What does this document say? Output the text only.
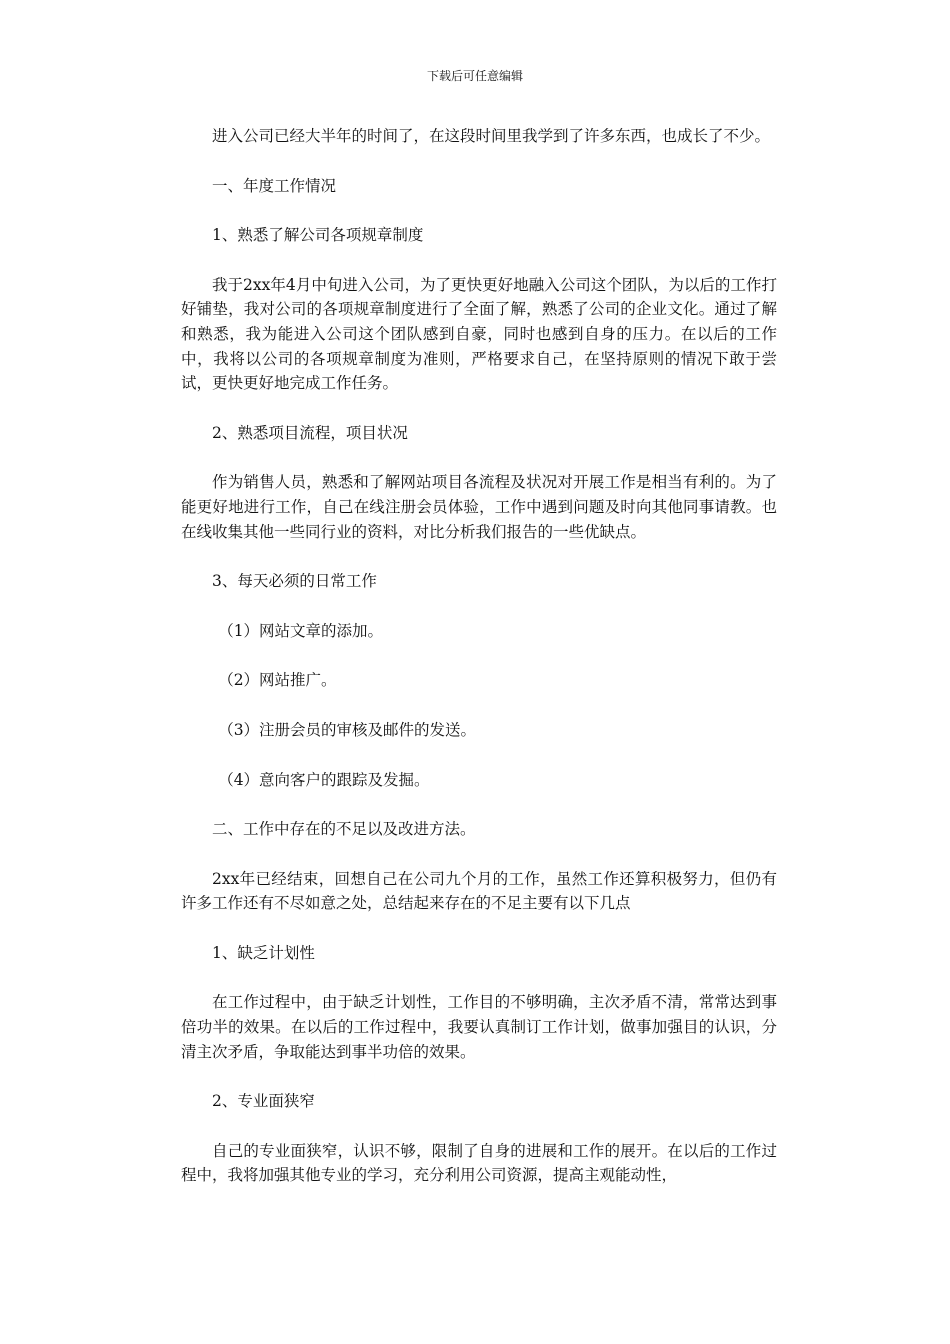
下载后可任意编辑

进入公司已经大半年的时间了，在这段时间里我学到了许多东西，也成长了不少。

一、年度工作情况

1、熟悉了解公司各项规章制度

我于2xx年4月中旬进入公司，为了更快更好地融入公司这个团队，为以后的工作打好铺垫，我对公司的各项规章制度进行了全面了解，熟悉了公司的企业文化。通过了解和熟悉，我为能进入公司这个团队感到自豪，同时也感到自身的压力。在以后的工作中，我将以公司的各项规章制度为准则，严格要求自己，在坚持原则的情况下敢于尝试，更快更好地完成工作任务。

2、熟悉项目流程，项目状况

作为销售人员，熟悉和了解网站项目各流程及状况对开展工作是相当有利的。为了能更好地进行工作，自己在线注册会员体验，工作中遇到问题及时向其他同事请教。也在线收集其他一些同行业的资料，对比分析我们报告的一些优缺点。

3、每天必须的日常工作

（1）网站文章的添加。

（2）网站推广。

（3）注册会员的审核及邮件的发送。

（4）意向客户的跟踪及发掘。

二、工作中存在的不足以及改进方法。

2xx年已经结束，回想自己在公司九个月的工作，虽然工作还算积极努力，但仍有许多工作还有不尽如意之处，总结起来存在的不足主要有以下几点

1、缺乏计划性

在工作过程中，由于缺乏计划性，工作目的不够明确，主次矛盾不清，常常达到事倍功半的效果。在以后的工作过程中，我要认真制订工作计划，做事加强目的认识，分清主次矛盾，争取能达到事半功倍的效果。

2、专业面狭窄

自己的专业面狭窄，认识不够，限制了自身的进展和工作的展开。在以后的工作过程中，我将加强其他专业的学习，充分利用公司资源，提高主观能动性，
